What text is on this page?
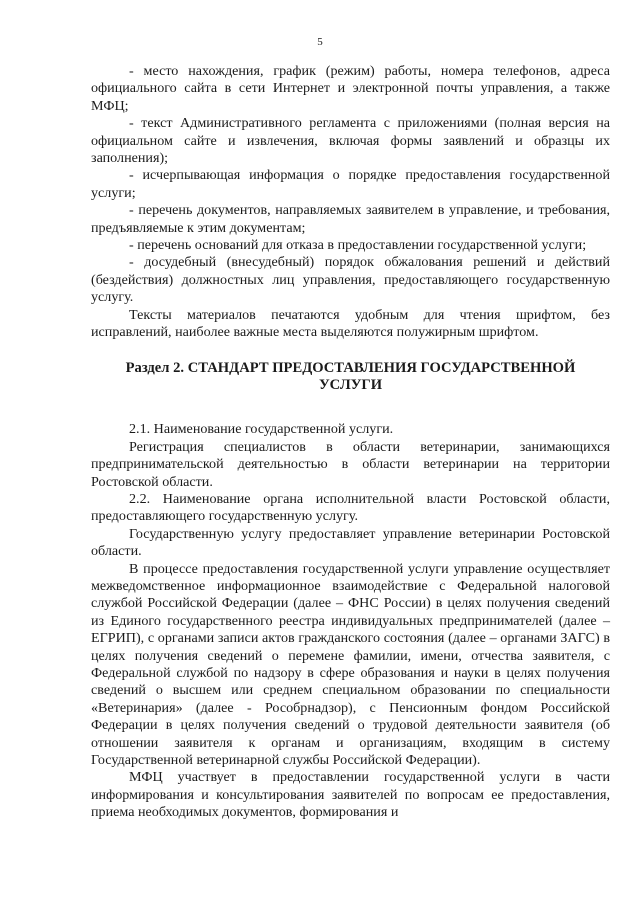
5

- место нахождения, график (режим) работы, номера телефонов, адреса официального сайта в сети Интернет и электронной почты управления, а также МФЦ;

- текст Административного регламента с приложениями (полная версия на официальном сайте и извлечения, включая формы заявлений и образцы их заполнения);

- исчерпывающая информация о порядке предоставления государственной услуги;

- перечень документов, направляемых заявителем в управление, и требования, предъявляемые к этим документам;

- перечень оснований для отказа в предоставлении государственной услуги;

- досудебный (внесудебный) порядок обжалования решений и действий (бездействия) должностных лиц управления, предоставляющего государственную услугу.

Тексты материалов печатаются удобным для чтения шрифтом, без исправлений, наиболее важные места выделяются полужирным шрифтом.

Раздел 2. СТАНДАРТ ПРЕДОСТАВЛЕНИЯ ГОСУДАРСТВЕННОЙ УСЛУГИ

2.1. Наименование государственной услуги.

Регистрация специалистов в области ветеринарии, занимающихся предпринимательской деятельностью в области ветеринарии на территории Ростовской области.

2.2. Наименование органа исполнительной власти Ростовской области, предоставляющего государственную услугу.

Государственную услугу предоставляет управление ветеринарии Ростовской области.

В процессе предоставления государственной услуги управление осуществляет межведомственное информационное взаимодействие с Федеральной налоговой службой Российской Федерации (далее – ФНС России) в целях получения сведений из Единого государственного реестра индивидуальных предпринимателей (далее – ЕГРИП), с органами записи актов гражданского состояния (далее – органами ЗАГС) в целях получения сведений о перемене фамилии, имени, отчества заявителя, с Федеральной службой по надзору в сфере образования и науки в целях получения сведений о высшем или среднем специальном образовании по специальности «Ветеринария» (далее - Рособрнадзор), с Пенсионным фондом Российской Федерации в целях получения сведений о трудовой деятельности заявителя (об отношении заявителя к органам и организациям, входящим в систему Государственной ветеринарной службы Российской Федерации).

МФЦ участвует в предоставлении государственной услуги в части информирования и консультирования заявителей по вопросам ее предоставления, приема необходимых документов, формирования и
